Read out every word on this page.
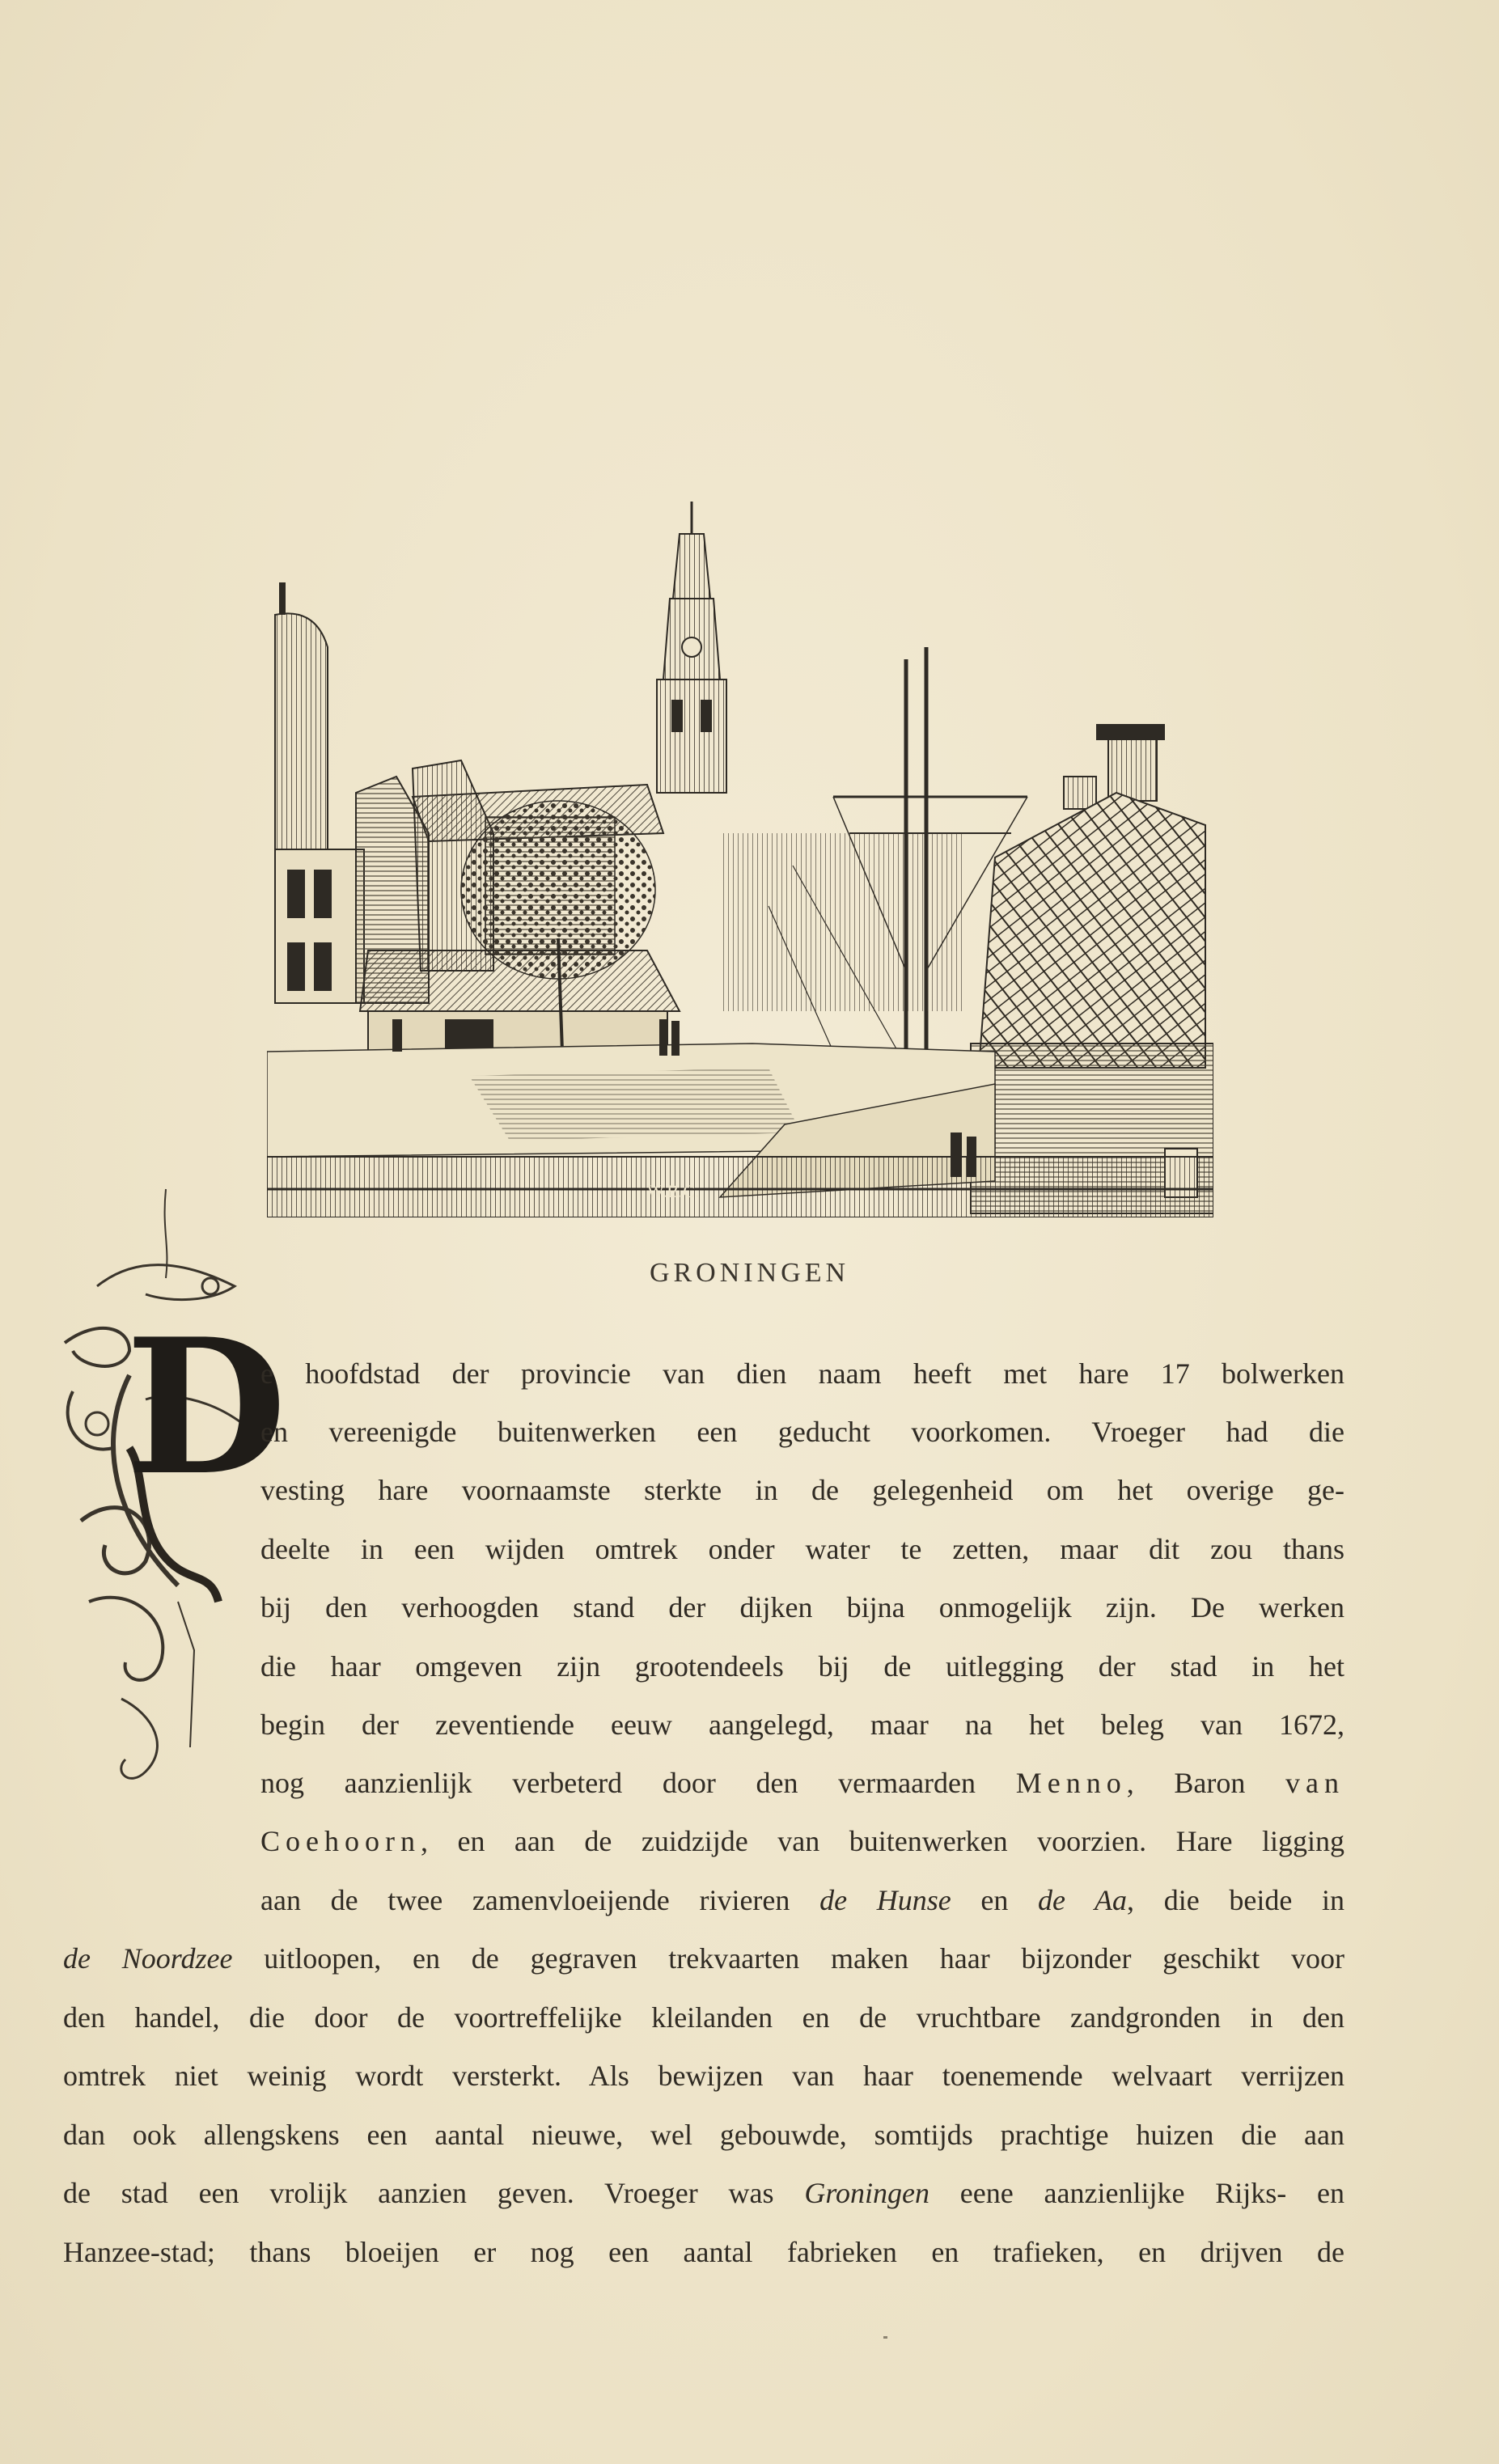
W.B.C.
GRONINGEN
D
e hoofdstad der provincie van dien naam heeft met hare 17 bolwerken
en vereenigde buitenwerken een geducht voorkomen. Vroeger had die
vesting hare voornaamste sterkte in de gelegenheid om het overige ge-
deelte in een wijden omtrek onder water te zetten, maar dit zou thans
bij den verhoogden stand der dijken bijna onmogelijk zijn. De werken
die haar omgeven zijn grootendeels bij de uitlegging der stad in het
begin der zeventiende eeuw aangelegd, maar na het beleg van 1672,
nog aanzienlijk verbeterd door den vermaarden Menno, Baron van
Coehoorn, en aan de zuidzijde van buitenwerken voorzien. Hare ligging
aan de twee zamenvloeijende rivieren de Hunse en de Aa, die beide in
de Noordzee uitloopen, en de gegraven trekvaarten maken haar bijzonder geschikt voor
den handel, die door de voortreffelijke kleilanden en de vruchtbare zandgronden in den
omtrek niet weinig wordt versterkt. Als bewijzen van haar toenemende welvaart verrijzen
dan ook allengskens een aantal nieuwe, wel gebouwde, somtijds prachtige huizen die aan
de stad een vrolijk aanzien geven. Vroeger was Groningen eene aanzienlijke Rijks- en
Hanzee-stad; thans bloeijen er nog een aantal fabrieken en trafieken, en drijven de
